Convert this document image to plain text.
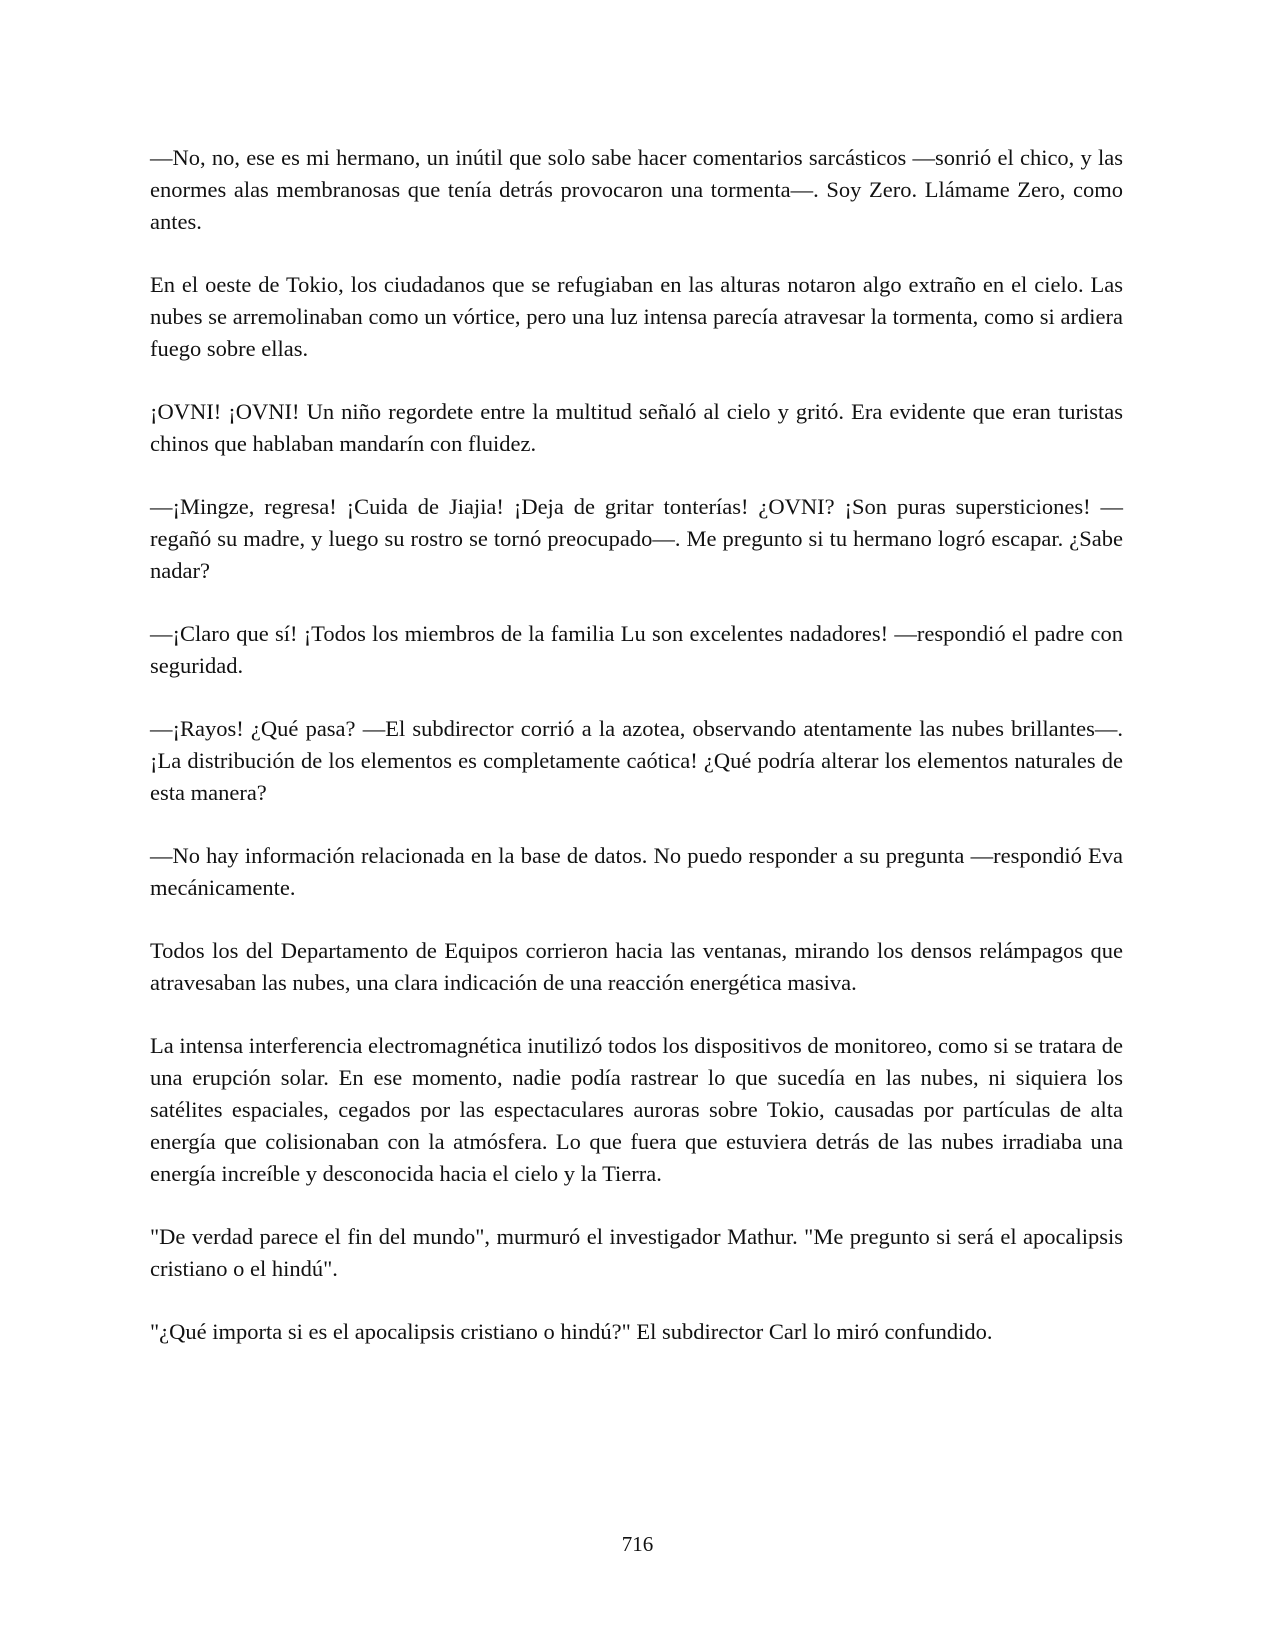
—No, no, ese es mi hermano, un inútil que solo sabe hacer comentarios sarcásticos —sonrió el chico, y las enormes alas membranosas que tenía detrás provocaron una tormenta—. Soy Zero. Llámame Zero, como antes.

En el oeste de Tokio, los ciudadanos que se refugiaban en las alturas notaron algo extraño en el cielo. Las nubes se arremolinaban como un vórtice, pero una luz intensa parecía atravesar la tormenta, como si ardiera fuego sobre ellas.

¡OVNI! ¡OVNI! Un niño regordete entre la multitud señaló al cielo y gritó. Era evidente que eran turistas chinos que hablaban mandarín con fluidez.

—¡Mingze, regresa! ¡Cuida de Jiajia! ¡Deja de gritar tonterías! ¿OVNI? ¡Son puras supersticiones! —regañó su madre, y luego su rostro se tornó preocupado—. Me pregunto si tu hermano logró escapar. ¿Sabe nadar?

—¡Claro que sí! ¡Todos los miembros de la familia Lu son excelentes nadadores! —respondió el padre con seguridad.

—¡Rayos! ¿Qué pasa? —El subdirector corrió a la azotea, observando atentamente las nubes brillantes—. ¡La distribución de los elementos es completamente caótica! ¿Qué podría alterar los elementos naturales de esta manera?

—No hay información relacionada en la base de datos. No puedo responder a su pregunta —respondió Eva mecánicamente.

Todos los del Departamento de Equipos corrieron hacia las ventanas, mirando los densos relámpagos que atravesaban las nubes, una clara indicación de una reacción energética masiva.

La intensa interferencia electromagnética inutilizó todos los dispositivos de monitoreo, como si se tratara de una erupción solar. En ese momento, nadie podía rastrear lo que sucedía en las nubes, ni siquiera los satélites espaciales, cegados por las espectaculares auroras sobre Tokio, causadas por partículas de alta energía que colisionaban con la atmósfera. Lo que fuera que estuviera detrás de las nubes irradiaba una energía increíble y desconocida hacia el cielo y la Tierra.

"De verdad parece el fin del mundo", murmuró el investigador Mathur. "Me pregunto si será el apocalipsis cristiano o el hindú".

"¿Qué importa si es el apocalipsis cristiano o hindú?" El subdirector Carl lo miró confundido.

716
